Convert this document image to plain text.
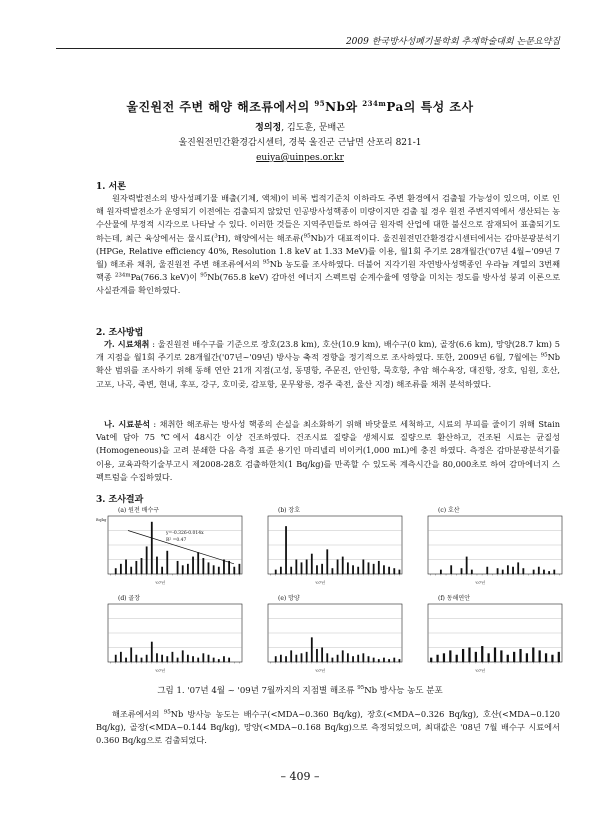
2009 한국방사성폐기물학회 추계학술대회 논문요약집
울진원전 주변 해양 해조류에서의 $^{95}$Nb와 $^{234m}$Pa의 특성 조사
정의정, 김도훈, 문배곤
울진원전민간환경감시센터, 경북 울진군 근남면 산포리 821-1
euiya@uinpes.or.kr
1. 서론

원자력발전소의 방사성폐기물 배출(기체, 액체)이 비록 법적기준치 이하라도 주변 환경에서 검출될 가능성이 있으며, 이로 인해 원자력발전소가 운영되기 이전에는 검출되지 않았던 인공방사성핵종이 미량이지만 검출 될 경우 원전 주변지역에서 생산되는 농수산물에 부정적 시각으로 나타날 수 있다. 이러한 것들은 지역주민들로 하여금 원자력 산업에 대한 불신으로 잠재되어 표출되기도 하는데, 최근 육상에서는 물시료($^3$H), 해양에서는 해조류($^{95}$Nb)가 대표적이다. 울진원전민간환경감시센터에서는 감마분광분석기(HPGe, Relative efficiency 40%, Resolution 1.8 keV at 1.33 MeV)를 이용, 월1회 주기로 28개월간('07년 4월~'09년 7월) 해조류 채취, 울진원전 주변 해조류에서의 $^{95}$Nb 농도를 조사하였다. 더불어 지각기원 자연방사성핵종인 우라늄 계열의 3번째 핵종 $^{234m}$Pa(766.3 keV)이 $^{95}$Nb(765.8 keV) 감마선 에너지 스펙트럼 순계수율에 영향을 미치는 정도를 방사성 붕괴 이론으로 사실관계를 확인하였다.

2. 조사방법

가. 시료채취 : 울진원전 배수구를 기준으로 장호(23.8 km), 호산(10.9 km), 배수구(0 km), 골장(6.6 km), 망양(28.7 km) 5개 지점을 월1회 주기로 28개월간('07년~'09년) 방사능 축적 경향을 정기적으로 조사하였다. 또한, 2009년 6월, 7월에는 $^{95}$Nb 확산 범위를 조사하기 위해 동해 연안 21개 지점(고성, 동명항, 주문진, 안인항, 묵호항, 추암 해수욕장, 대진항, 장호, 임원, 호산, 고포, 나곡, 죽변, 현내, 후포, 강구, 호미곶, 감포항, 문무왕릉, 경주 죽전, 울산 지경) 해조류를 채취 분석하였다.

나. 시료분석 : 채취한 해조류는 방사성 핵종의 손실을 최소화하기 위해 바닷물로 세척하고, 시료의 부피를 줄이기 위해 Stain Vat에 담아 75 ℃에서 48시간 이상 건조하였다. 건조시료 질량을 생체시료 질량으로 환산하고, 건조된 시료는 균질성(Homogeneous)을 고려 분쇄한 다음 측정 표준 용기인 마리넬리 비이커(1,000 mL)에 충진 하였다. 측정은 감마분광분석기를 이용, 교육과학기술부고시 제2008-28호 검출하한치(1 Bq/kg)를 만족할 수 있도록 계측시간을 80,000초로 하여 감마에너지 스펙트럼을 수집하였다.

3. 조사결과
(a) 원전 배수구
Bq/kg
'07년
y=-0.326-0.014x
R² =0.47
(b) 장호
'07년
(c) 호산
'07년
(d) 골장
'07년
(e) 망양
'07년
(f) 동해연안
'07년
그림 1. '07년 4월 ~ '09년 7월까지의 지점별 해조류 $^{95}$Nb 방사능 농도 분포

해조류에서의 $^{95}$Nb 방사능 농도는 배수구(<MDA~0.360 Bq/kg), 장호(<MDA~0.326 Bq/kg), 호산(<MDA~0.120 Bq/kg), 골장(<MDA~0.144 Bq/kg), 망양(<MDA~0.168 Bq/kg)으로 측정되었으며, 최대값은 '08년 7월 배수구 시료에서 0.360 Bq/kg으로 검출되었다.

– 409 –
